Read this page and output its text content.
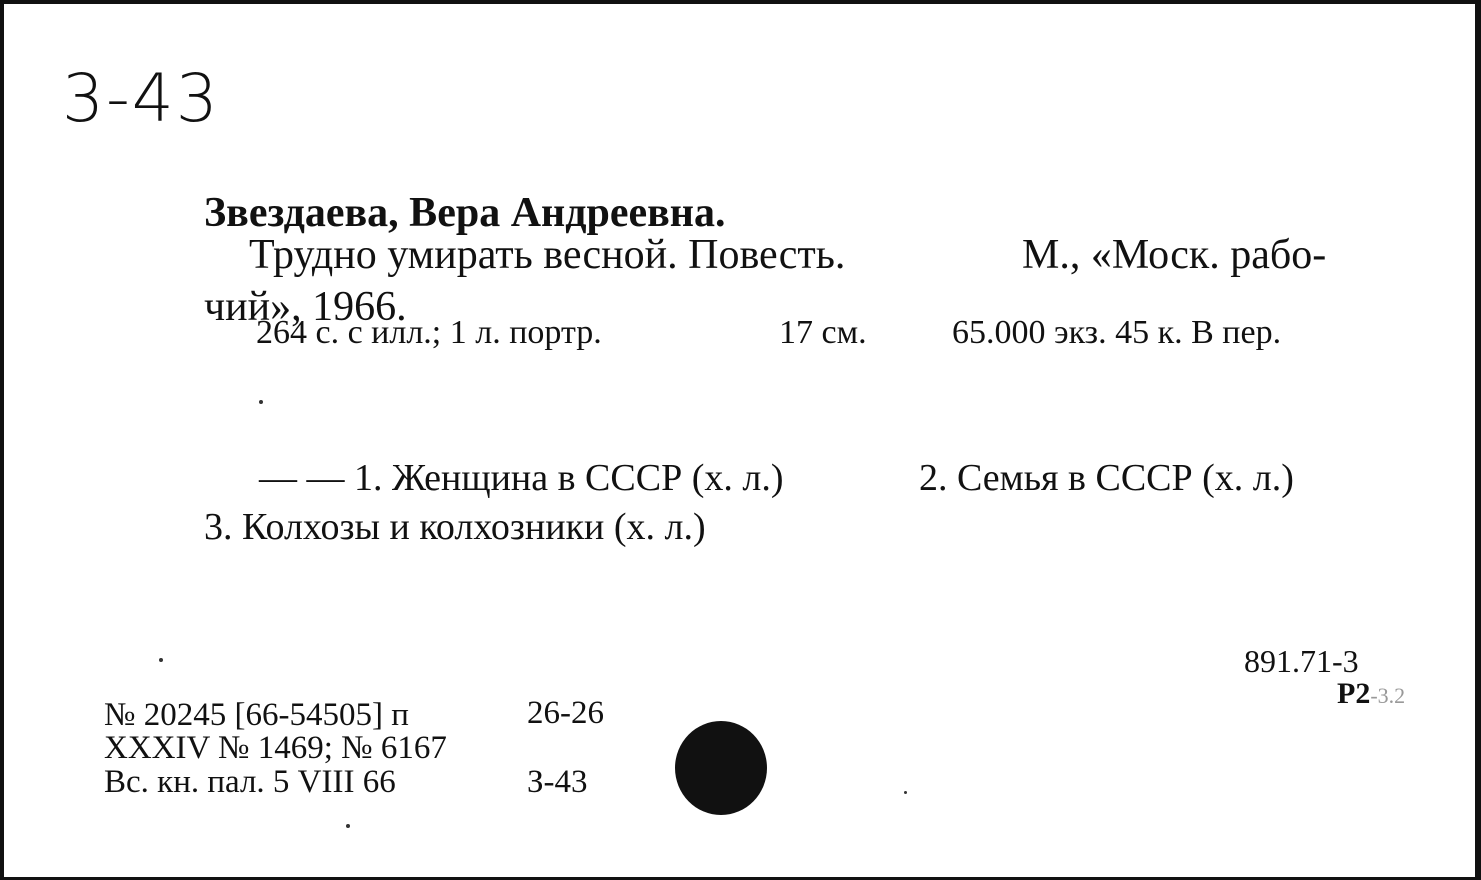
3-43
Звездаева, Вера Андреевна.
Трудно умирать весной. Повесть.	М., «Моск. рабо-
чий», 1966.
264 с. с илл.; 1 л. портр.	17 см.	65.000 экз. 45 к. В пер.
— — 1. Женщина в СССР (х. л.)	2. Семья в СССР (х. л.)
3. Колхозы и колхозники (х. л.)
891.71-3
Р2-3.2
№ 20245 [66-54505] п	26-26
XXXIV № 1469; № 6167
Вс. кн. пал. 5 VIII 66	З-43
